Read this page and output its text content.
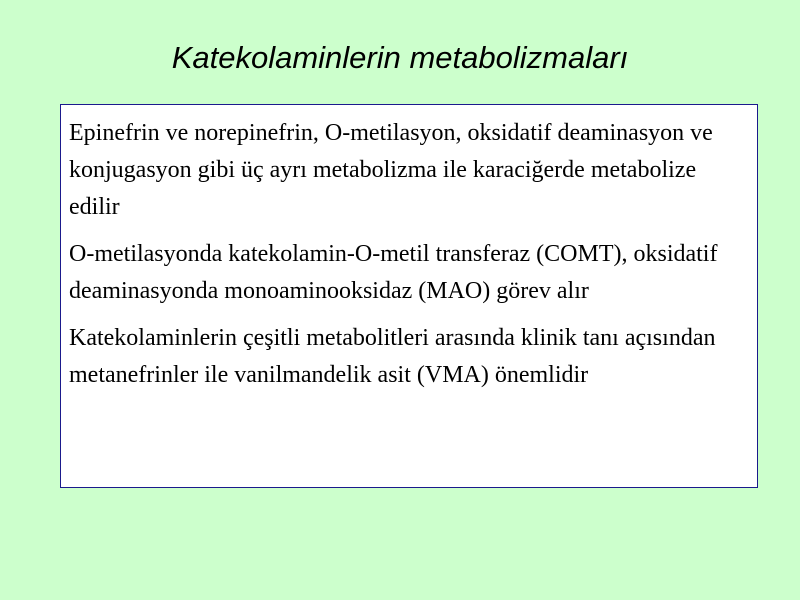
Katekolaminlerin metabolizmaları

Epinefrin ve norepinefrin, O-metilasyon, oksidatif deaminasyon ve konjugasyon gibi üç ayrı metabolizma ile karaciğerde metabolize edilir

O-metilasyonda katekolamin-O-metil transferaz (COMT), oksidatif deaminasyonda monoaminooksidaz (MAO) görev alır

Katekolaminlerin çeşitli metabolitleri arasında klinik tanı açısından metanefrinler ile vanilmandelik asit (VMA) önemlidir
